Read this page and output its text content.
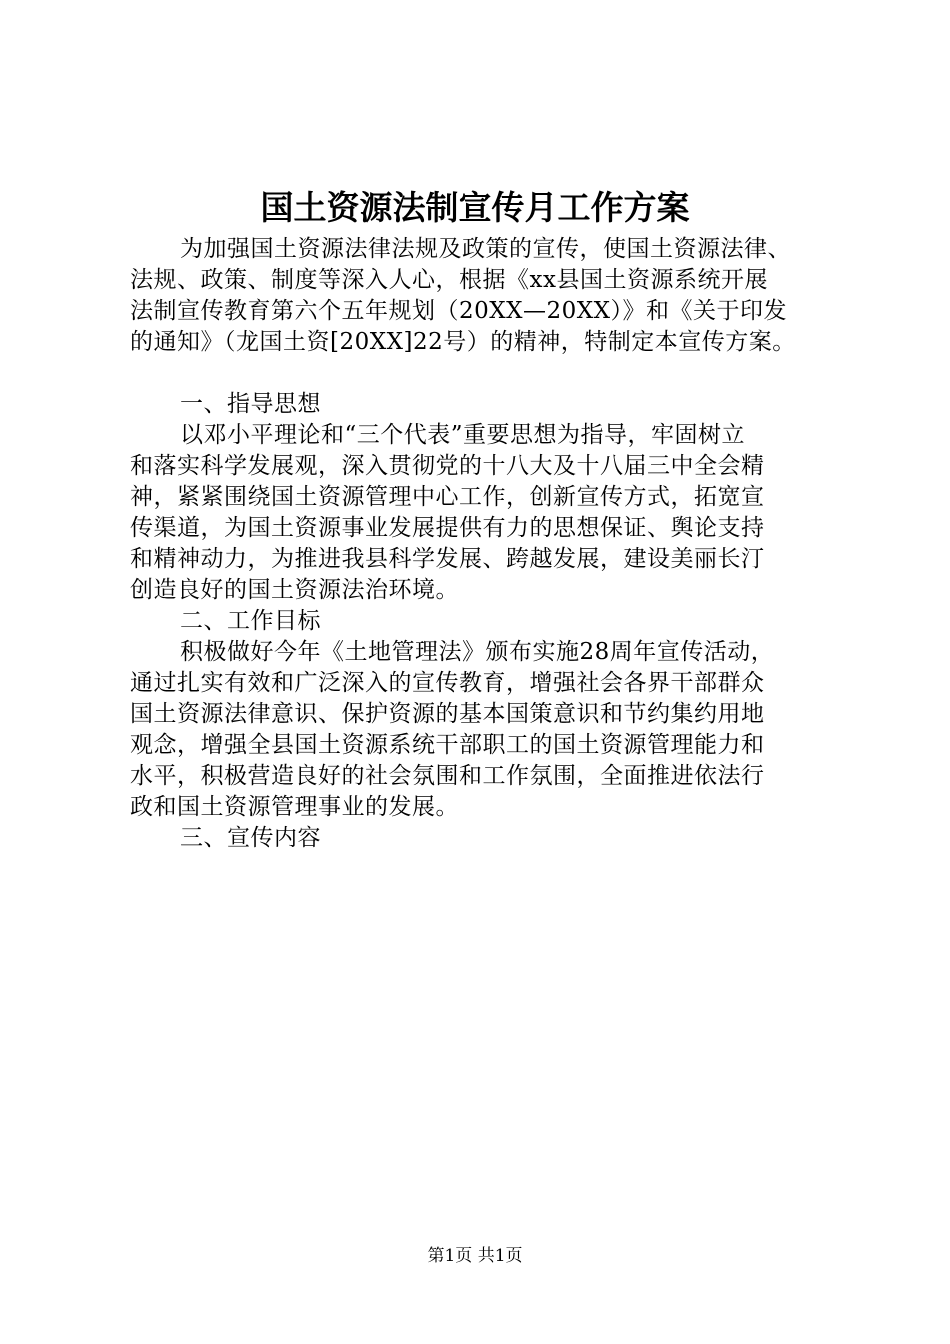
国土资源法制宣传月工作方案
为加强国土资源法律法规及政策的宣传，使国土资源法律、
法规、政策、制度等深入人心，根据《xx县国土资源系统开展
法制宣传教育第六个五年规划（20XX—20XX）》和《关于印发
的通知》（龙国土资[20XX]22号）的精神，特制定本宣传方案。
一、指导思想
以邓小平理论和“三个代表”重要思想为指导，牢固树立
和落实科学发展观，深入贯彻党的十八大及十八届三中全会精
神，紧紧围绕国土资源管理中心工作，创新宣传方式，拓宽宣
传渠道，为国土资源事业发展提供有力的思想保证、舆论支持
和精神动力，为推进我县科学发展、跨越发展，建设美丽长汀
创造良好的国土资源法治环境。
二、工作目标
积极做好今年《土地管理法》颁布实施28周年宣传活动，
通过扎实有效和广泛深入的宣传教育，增强社会各界干部群众
国土资源法律意识、保护资源的基本国策意识和节约集约用地
观念，增强全县国土资源系统干部职工的国土资源管理能力和
水平，积极营造良好的社会氛围和工作氛围，全面推进依法行
政和国土资源管理事业的发展。
三、宣传内容
第1页 共1页
